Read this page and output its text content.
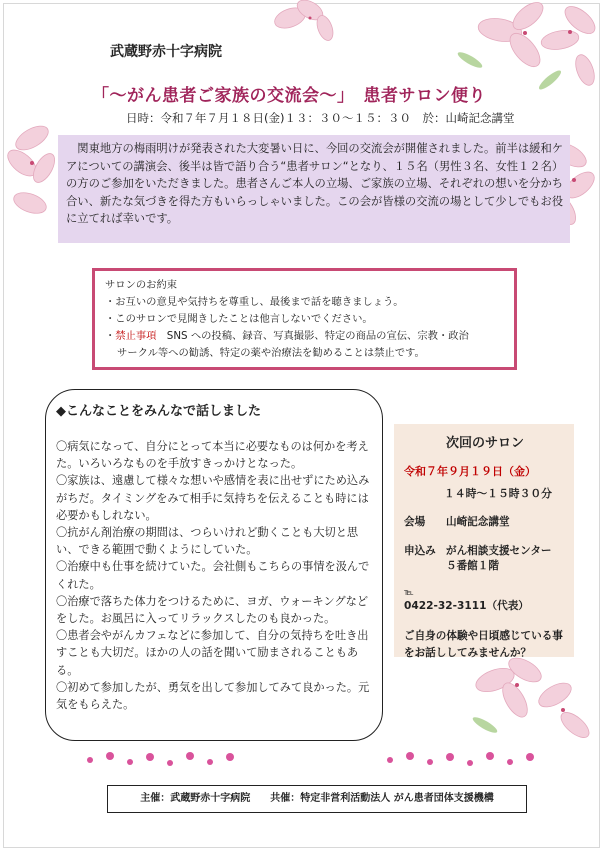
武蔵野赤十字病院
「〜がん患者ご家族の交流会〜」　患者サロン便り
日時：令和７年７月１８日(金)１３：３０〜１５：３０　於：山崎記念講堂

関東地方の梅雨明けが発表された大変暑い日に、今回の交流会が開催されました。前半は緩和ケアについての講演会、後半は皆で語り合う“患者サロン“となり、１５名（男性３名、女性１２名）の方のご参加をいただきました。患者さんご本人の立場、ご家族の立場、それぞれの想いを分かち合い、新たな気づきを得た方もいらっしゃいました。この会が皆様の交流の場として少しでもお役に立てれば幸いです。

サロンのお約束
・お互いの意見や気持ちを尊重し、最後まで話を聴きましょう。
・このサロンで見聞きしたことは他言しないでください。
・禁止事項　SNS への投稿、録音、写真撮影、特定の商品の宣伝、宗教・政治
サークル等への勧誘、特定の薬や治療法を勧めることは禁止です。
◆こんなことをみんなで話しました

〇病気になって、自分にとって本当に必要なものは何かを考えた。いろいろなものを手放すきっかけとなった。

〇家族は、遠慮して様々な想いや感情を表に出せずにため込みがちだ。タイミングをみて相手に気持ちを伝えることも時には必要かもしれない。

〇抗がん剤治療の期間は、つらいけれど動くことも大切と思い、できる範囲で動くようにしていた。

〇治療中も仕事を続けていた。会社側もこちらの事情を汲んでくれた。

〇治療で落ちた体力をつけるために、ヨガ、ウォーキングなどをした。お風呂に入ってリラックスしたのも良かった。

〇患者会やがんカフェなどに参加して、自分の気持ちを吐き出すことも大切だ。ほかの人の話を聞いて励まされることもある。

〇初めて参加したが、勇気を出して参加してみて良かった。元気をもらえた。

次回のサロン
令和７年９月１９日（金）
１４時〜１５時３０分
会場 山崎記念講堂
申込み がん相談支援センター
５番館１階
℡0422-32-3111（代表）
ご自身の体験や日頃感じている事をお話ししてみませんか？
主催：武蔵野赤十字病院 共催：特定非営利活動法人 がん患者団体支援機構
